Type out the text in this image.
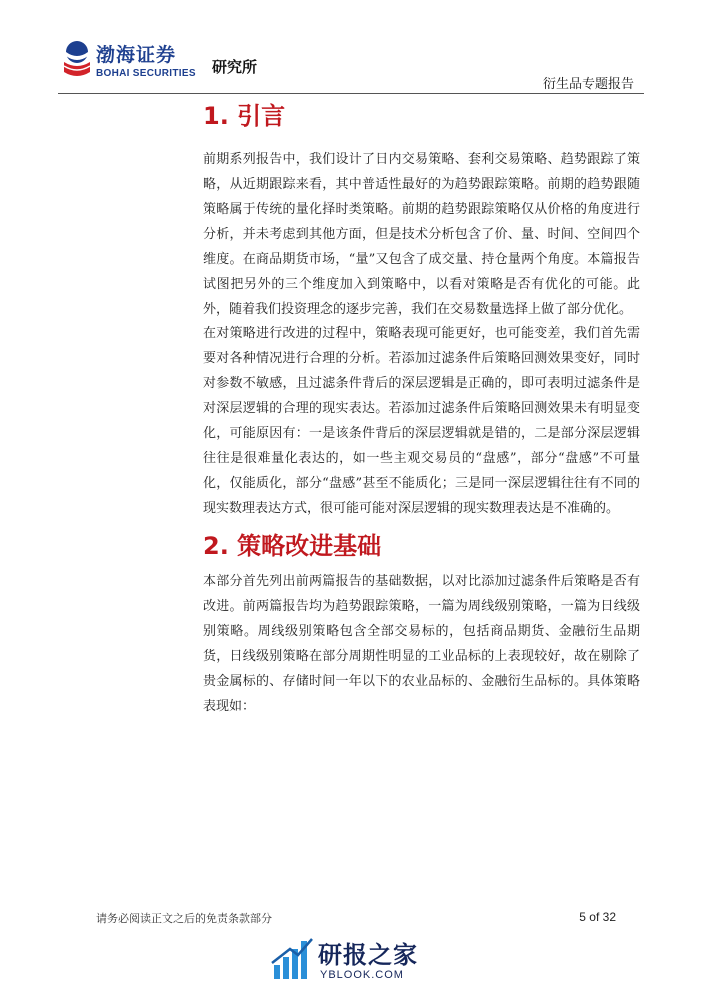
渤海证券
BOHAI SECURITIES 研究所
衍生品专题报告
1. 引言

前期系列报告中，我们设计了日内交易策略、套利交易策略、趋势跟踪了策略，从近期跟踪来看，其中普适性最好的为趋势跟踪策略。前期的趋势跟随策略属于传统的量化择时类策略。前期的趋势跟踪策略仅从价格的角度进行分析，并未考虑到其他方面，但是技术分析包含了价、量、时间、空间四个维度。在商品期货市场，“量”又包含了成交量、持仓量两个角度。本篇报告试图把另外的三个维度加入到策略中，以看对策略是否有优化的可能。此外，随着我们投资理念的逐步完善，我们在交易数量选择上做了部分优化。

在对策略进行改进的过程中，策略表现可能更好，也可能变差，我们首先需要对各种情况进行合理的分析。若添加过滤条件后策略回测效果变好，同时对参数不敏感，且过滤条件背后的深层逻辑是正确的，即可表明过滤条件是对深层逻辑的合理的现实表达。若添加过滤条件后策略回测效果未有明显变化，可能原因有：一是该条件背后的深层逻辑就是错的，二是部分深层逻辑往往是很难量化表达的，如一些主观交易员的“盘感”，部分“盘感”不可量化，仅能质化，部分“盘感”甚至不能质化；三是同一深层逻辑往往有不同的现实数理表达方式，很可能可能对深层逻辑的现实数理表达是不准确的。

2. 策略改进基础

本部分首先列出前两篇报告的基础数据，以对比添加过滤条件后策略是否有改进。前两篇报告均为趋势跟踪策略，一篇为周线级别策略，一篇为日线级别策略。周线级别策略包含全部交易标的，包括商品期货、金融衍生品期货，日线级别策略在部分周期性明显的工业品标的上表现较好，故在剔除了贵金属标的、存储时间一年以下的农业品标的、金融衍生品标的。具体策略表现如：

请务必阅读正文之后的免责条款部分	5 of 32
研报之家
YBLOOK.COM
